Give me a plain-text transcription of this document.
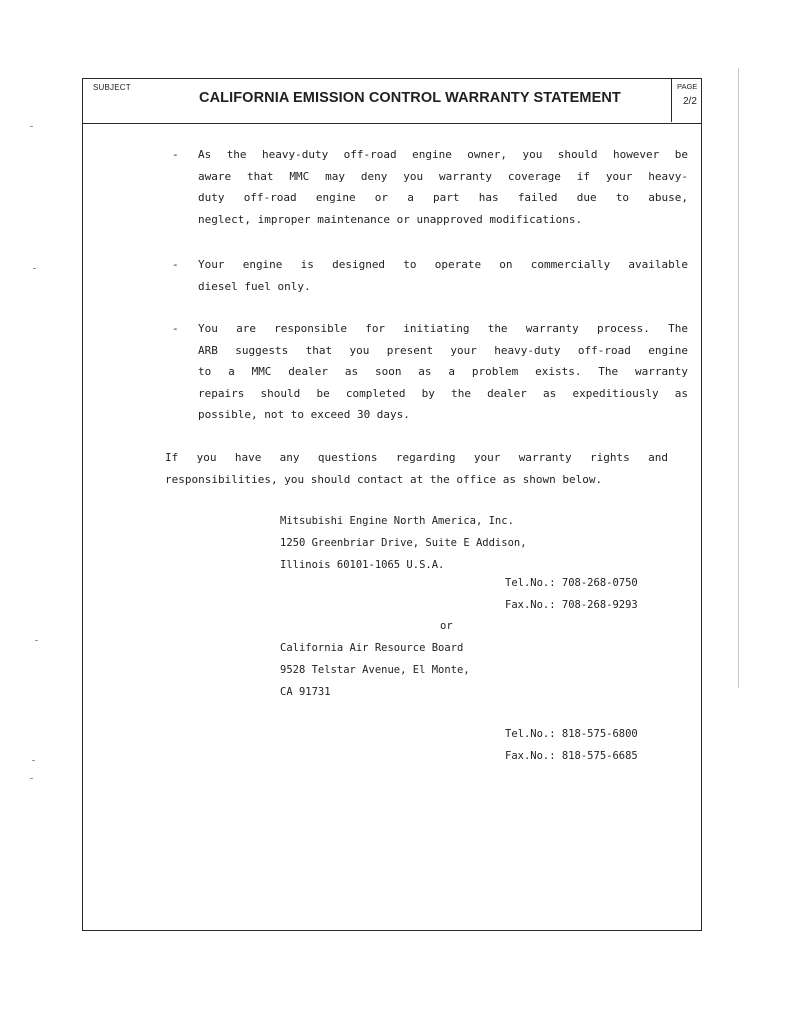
SUBJECT
CALIFORNIA EMISSION CONTROL WARRANTY STATEMENT
PAGE
2/2
- As the heavy-duty off-road engine owner, you should however be
aware that MMC may deny you warranty coverage if your heavy-
duty off-road engine or a part has failed due to abuse,
neglect, improper maintenance or unapproved modifications.
- Your engine is designed to operate on commercially available
diesel fuel only.
- You are responsible for initiating the warranty process. The
ARB suggests that you present your heavy-duty off-road engine
to a MMC dealer as soon as a problem exists. The warranty
repairs should be completed by the dealer as expeditiously as
possible, not to exceed 30 days.
If you have any questions regarding your warranty rights and
responsibilities, you should contact at the office as shown below.
Mitsubishi Engine North America, Inc.
1250 Greenbriar Drive, Suite E Addison,
Illinois 60101-1065 U.S.A.
Tel.No.: 708-268-0750
Fax.No.: 708-268-9293
or
California Air Resource Board
9528 Telstar Avenue, El Monte,
CA 91731
Tel.No.: 818-575-6800
Fax.No.: 818-575-6685
